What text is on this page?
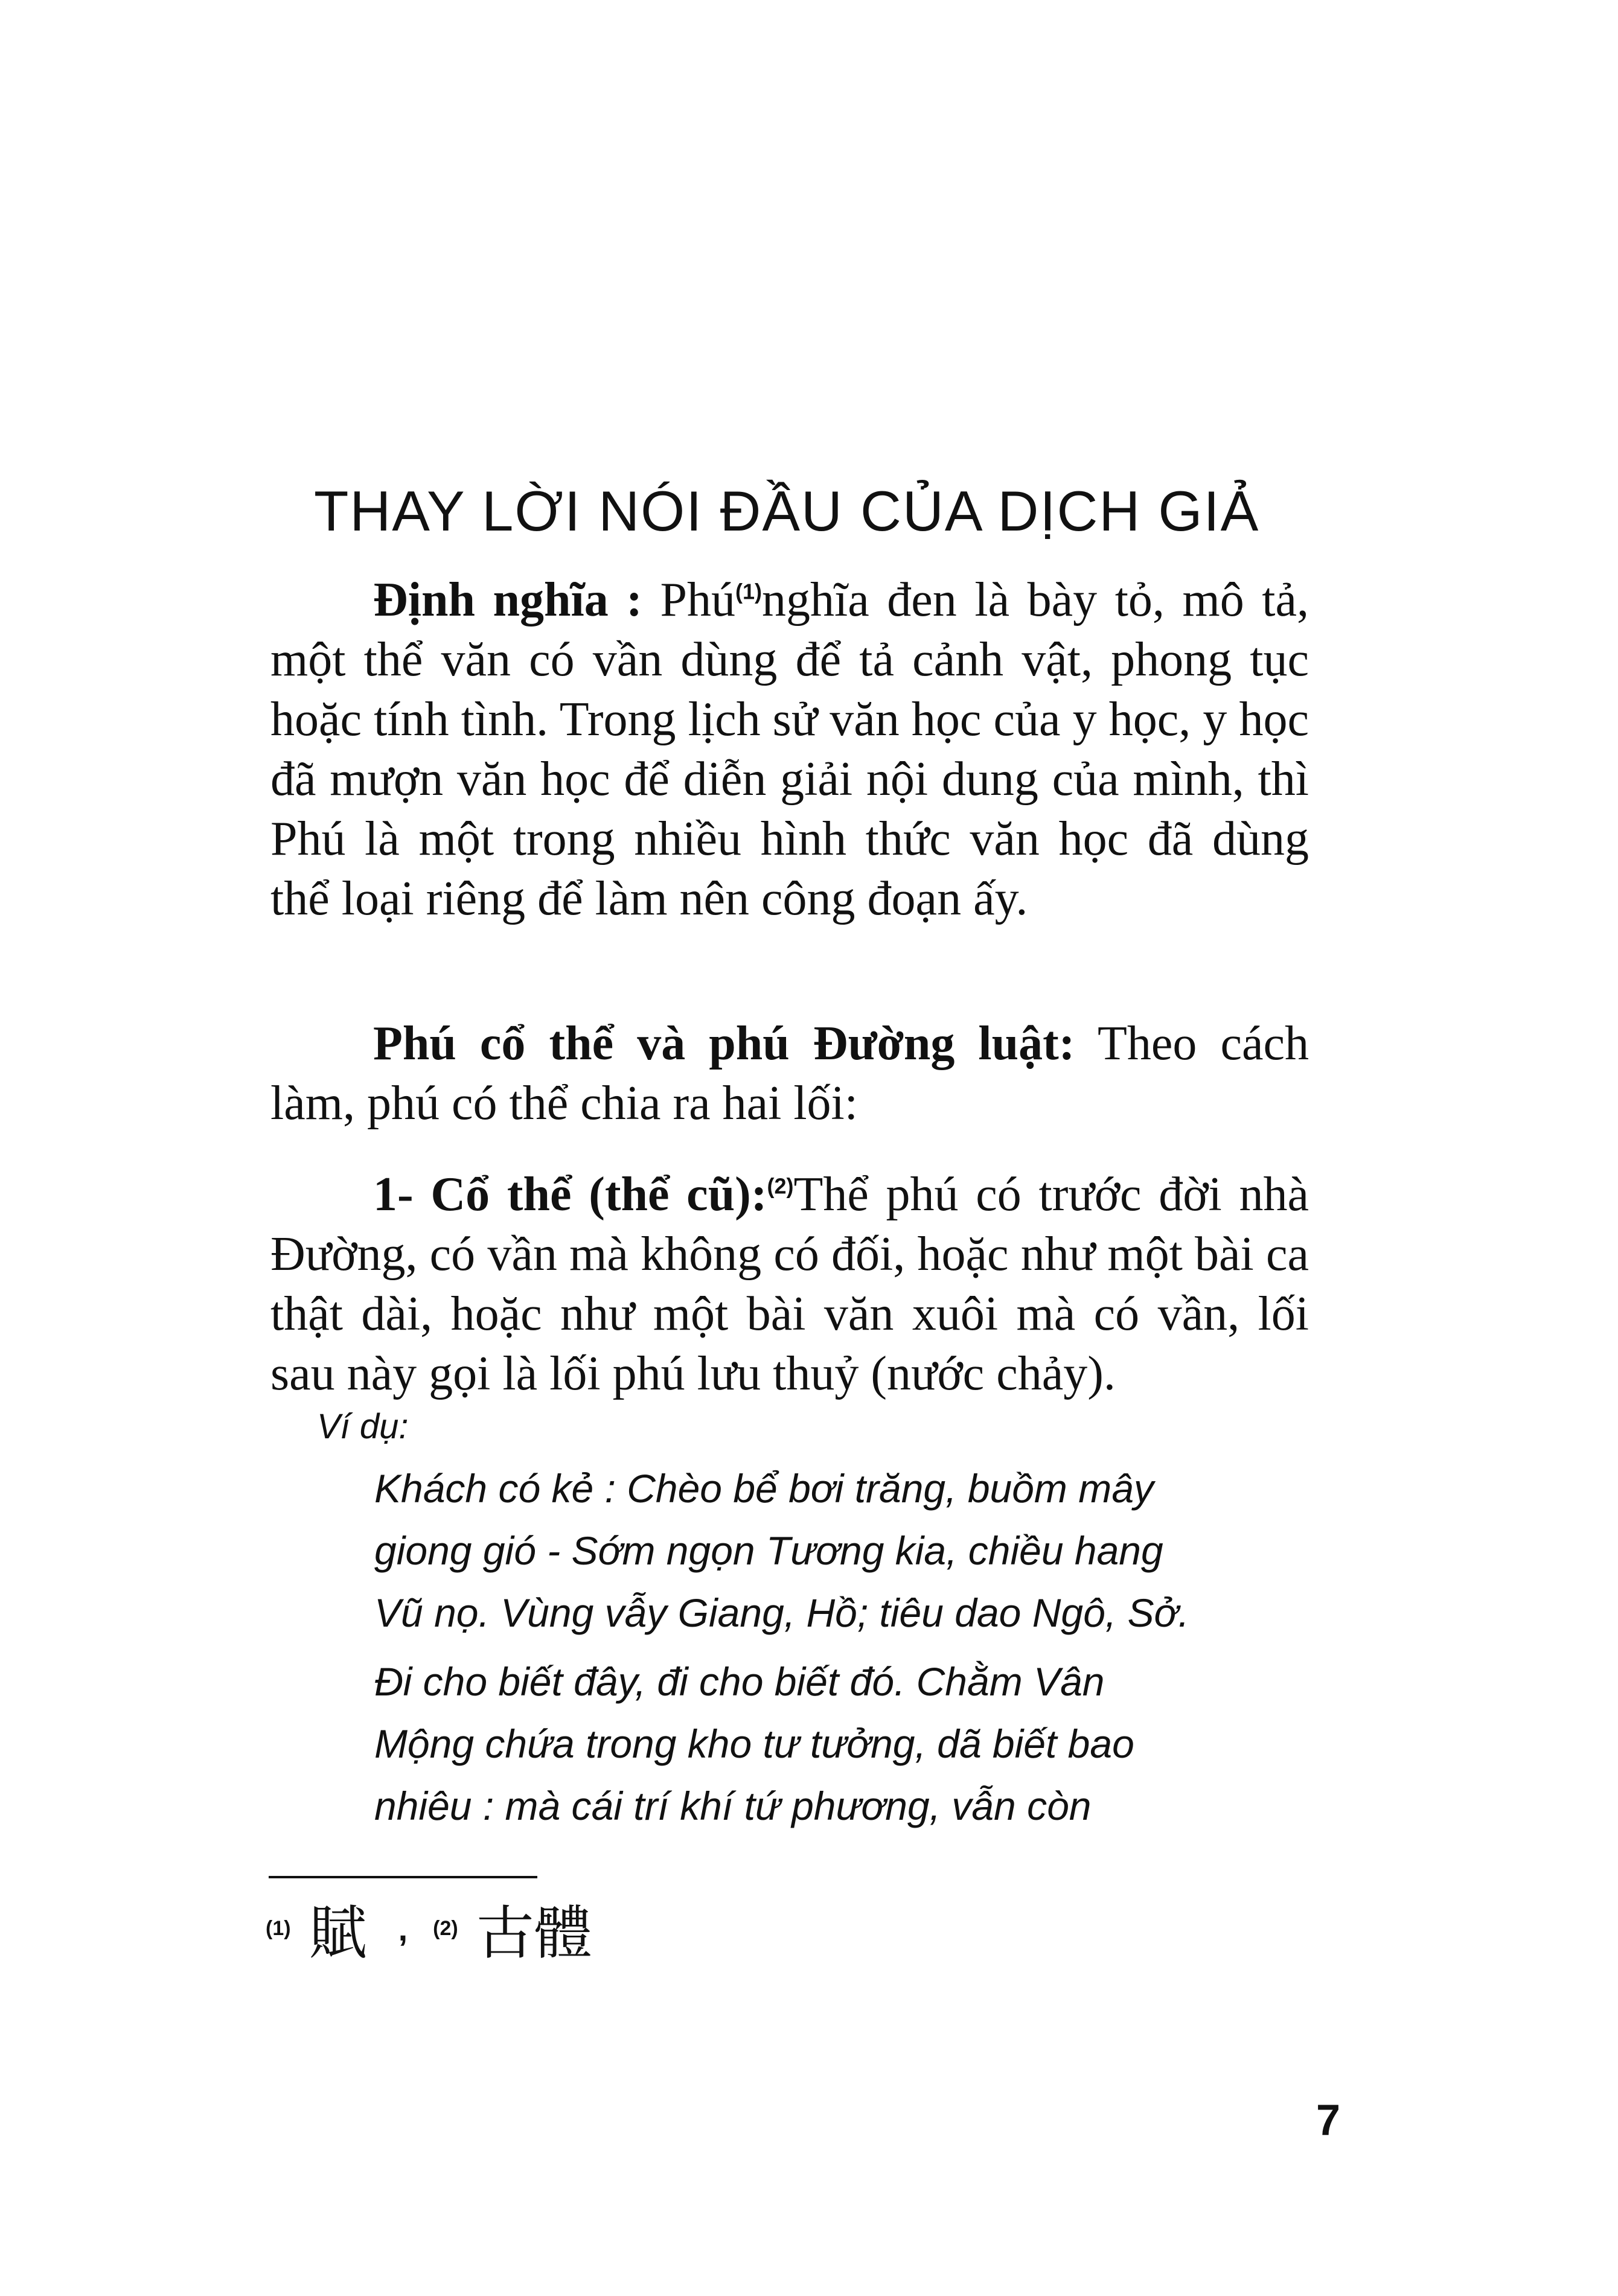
THAY LỜI NÓI ĐẦU CỦA DỊCH GIẢ

Định nghĩa : Phú$^{(1)}$nghĩa đen là bày tỏ, mô tả, một thể văn có vần dùng để tả cảnh vật, phong tục hoặc tính tình. Trong lịch sử văn học của y học, y học đã mượn văn học để diễn giải nội dung của mình, thì Phú là một trong nhiều hình thức văn học đã dùng thể loại riêng để làm nên công đoạn ấy.

Phú cổ thể và phú Đường luật: Theo cách làm, phú có thể chia ra hai lối:

1- Cổ thể (thể cũ):$^{(2)}$Thể phú có trước đời nhà Đường, có vần mà không có đối, hoặc như một bài ca thật dài, hoặc như một bài văn xuôi mà có vần, lối sau này gọi là lối phú lưu thuỷ (nước chảy).

Ví dụ:
Khách có kẻ : Chèo bể bơi trăng, buồm mây
giong gió - Sớm ngọn Tương kia, chiều hang
Vũ nọ. Vùng vẫy Giang, Hồ; tiêu dao Ngô, Sở.
Đi cho biết đây, đi cho biết đó. Chằm Vân
Mộng chứa trong kho tư tưởng, dã biết bao
nhiêu : mà cái trí khí tứ phương, vẫn còn
(1) 賦 , (2) 古體
7
